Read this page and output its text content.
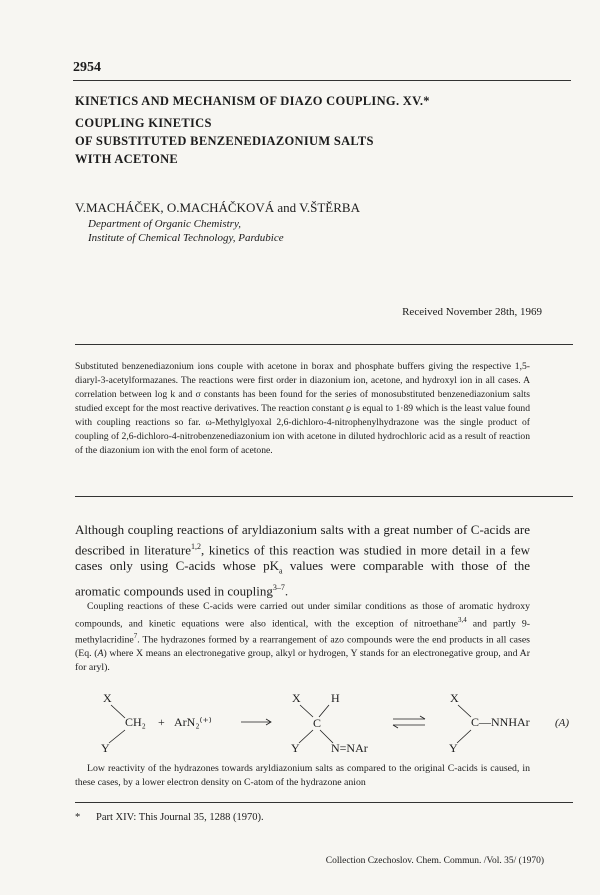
2954
KINETICS AND MECHANISM OF DIAZO COUPLING. XV.*
COUPLING KINETICS
OF SUBSTITUTED BENZENEDIAZONIUM SALTS
WITH ACETONE
V.MACHÁČEK, O.MACHÁČKOVÁ and V.ŠTĚRBA
Department of Organic Chemistry,
Institute of Chemical Technology, Pardubice
Received November 28th, 1969
Substituted benzenediazonium ions couple with acetone in borax and phosphate buffers giving the respective 1,5-diaryl-3-acetylformazanes. The reactions were first order in diazonium ion, acetone, and hydroxyl ion in all cases. A correlation between log k and σ constants has been found for the series of monosubstituted benzenediazonium salts studied except for the most reactive derivatives. The reaction constant ϱ is equal to 1·89 which is the least value found with coupling reactions so far. ω-Methylglyoxal 2,6-dichloro-4-nitrophenylhydrazone was the single product of coupling of 2,6-dichloro-4-nitrobenzenediazonium ion with acetone in diluted hydrochloric acid as a result of reaction of the diazonium ion with the enol form of acetone.
Although coupling reactions of aryldiazonium salts with a great number of C-acids are described in literature$^{1,2}$, kinetics of this reaction was studied in more detail in a few cases only using C-acids whose $pK_a$ values were comparable with those of the aromatic compounds used in coupling$^{3-7}$.
Coupling reactions of these C-acids were carried out under similar conditions as those of aromatic hydroxy compounds, and kinetic equations were also identical, with the exception of nitroethane$^{3,4}$ and partly 9-methylacridine$^7$. The hydrazones formed by a rearrangement of azo compounds were the end products in all cases (Eq. (A) where X means an electronegative group, alkyl or hydrogen, Y stands for an electronegative group, and Ar for aryl).
X
CH₂
Y
+ ArN₂⁽⁺⁾
X	H
C
Y	N=NAr
X
C—NNHAr
Y
(A)
Low reactivity of the hydrazones towards aryldiazonium salts as compared to the original C-acids is caused, in these cases, by a lower electron density on C-atom of the hydrazone anion
* Part XIV: This Journal 35, 1288 (1970).
Collection Czechoslov. Chem. Commun. /Vol. 35/ (1970)
